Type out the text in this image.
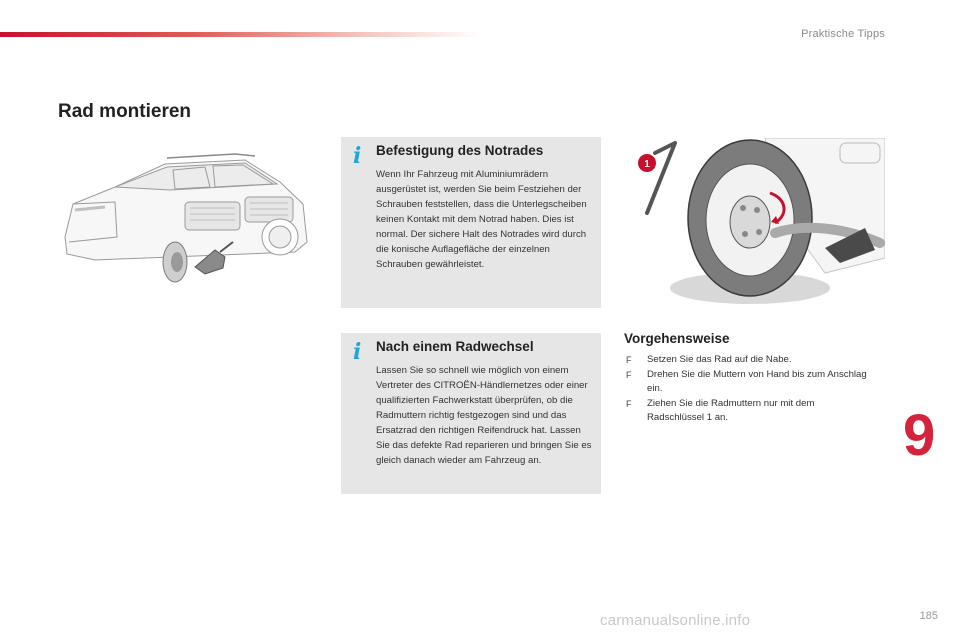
Praktische Tipps
Rad montieren
1
i Befestigung des Notrades
Wenn Ihr Fahrzeug mit Aluminiumrädern ausgerüstet ist, werden Sie beim Festziehen der Schrauben feststellen, dass die Unterlegscheiben keinen Kontakt mit dem Notrad haben. Dies ist normal. Der sichere Halt des Notrades wird durch die konische Auflagefläche der einzelnen Schrauben gewährleistet.
i Nach einem Radwechsel
Lassen Sie so schnell wie möglich von einem Vertreter des CITROËN-Händlernetzes oder einer qualifizierten Fachwerkstatt überprüfen, ob die Radmuttern richtig festgezogen sind und das Ersatzrad den richtigen Reifendruck hat. Lassen Sie das defekte Rad reparieren und bringen Sie es gleich danach wieder am Fahrzeug an.
Vorgehensweise
F Setzen Sie das Rad auf die Nabe.
F Drehen Sie die Muttern von Hand bis zum Anschlag ein.
F Ziehen Sie die Radmuttern nur mit dem Radschlüssel 1 an.	9
carmanualsonline.info	185
